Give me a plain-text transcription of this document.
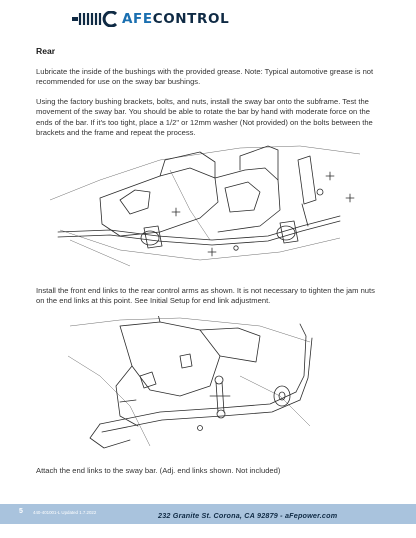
AFECONTROL
Rear
Lubricate the inside of the bushings with the provided grease. Note: Typical automotive grease is not recommended for use on the sway bar bushings.
Using the factory bushing brackets, bolts, and nuts, install the sway bar onto the subframe. Test the movement of the sway bar. You should be able to rotate the bar by hand with moderate force on the ends of the bar. If it's too tight, place a 1/2" or 12mm washer (Not provided) on the bolts between the brackets and the frame and repeat the process.
Install the front end links to the rear control arms as shown. It is not necessary to tighten the jam nuts on the end links at this point. See Initial Setup for end link adjustment.
Attach the end links to the sway bar. (Adj. end links shown. Not included)
5 440-401001-L Updated 1.7.2022	232 Granite St. Corona, CA 92879 - aFepower.com
